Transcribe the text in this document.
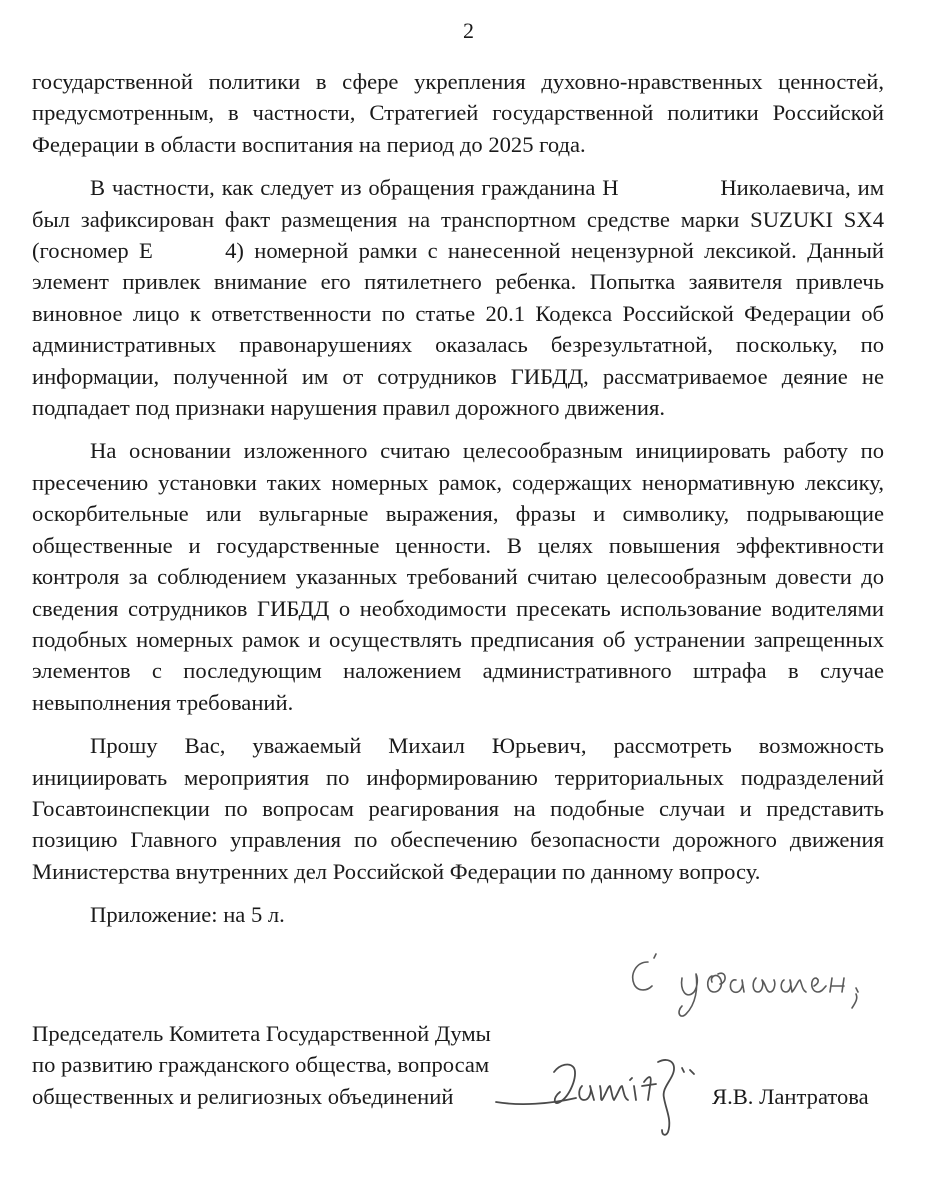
2

государственной политики в сфере укрепления духовно-нравственных ценностей, предусмотренным, в частности, Стратегией государственной политики Российской Федерации в области воспитания на период до 2025 года.

В частности, как следует из обращения гражданина Н	Николаевича, им был зафиксирован факт размещения на транспортном средстве марки SUZUKI SX4 (госномер Е	4) номерной рамки с нанесенной нецензурной лексикой. Данный элемент привлек внимание его пятилетнего ребенка. Попытка заявителя привлечь виновное лицо к ответственности по статье 20.1 Кодекса Российской Федерации об административных правонарушениях оказалась безрезультатной, поскольку, по информации, полученной им от сотрудников ГИБДД, рассматриваемое деяние не подпадает под признаки нарушения правил дорожного движения.

На основании изложенного считаю целесообразным инициировать работу по пресечению установки таких номерных рамок, содержащих ненормативную лексику, оскорбительные или вульгарные выражения, фразы и символику, подрывающие общественные и государственные ценности. В целях повышения эффективности контроля за соблюдением указанных требований считаю целесообразным довести до сведения сотрудников ГИБДД о необходимости пресекать использование водителями подобных номерных рамок и осуществлять предписания об устранении запрещенных элементов с последующим наложением административного штрафа в случае невыполнения требований.

Прошу Вас, уважаемый Михаил Юрьевич, рассмотреть возможность инициировать мероприятия по информированию территориальных подразделений Госавтоинспекции по вопросам реагирования на подобные случаи и представить позицию Главного управления по обеспечению безопасности дорожного движения Министерства внутренних дел Российской Федерации по данному вопросу.

Приложение: на 5 л.

Председатель Комитета Государственной Думы
по развитию гражданского общества, вопросам
общественных и религиозных объединений	Я.В. Лантратова
